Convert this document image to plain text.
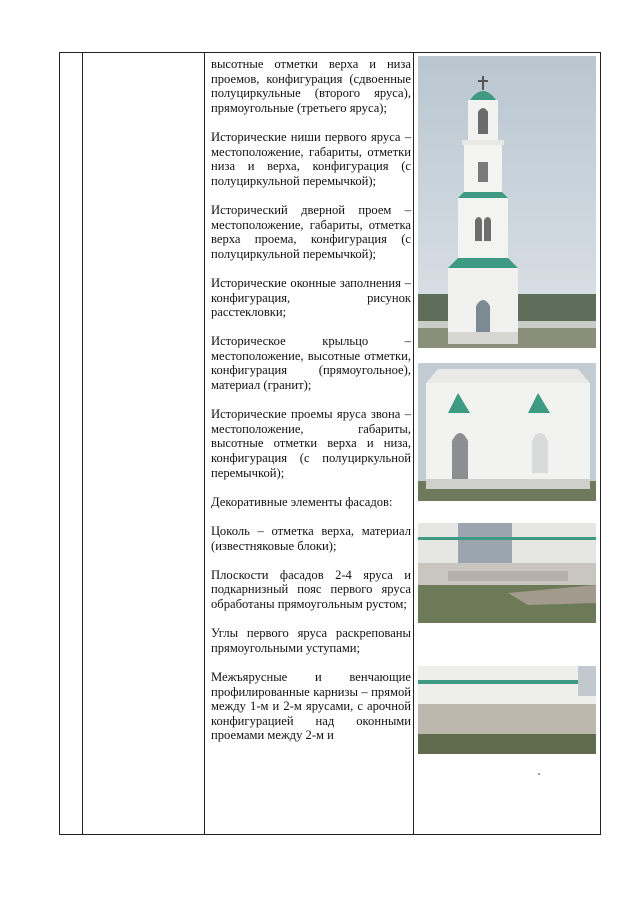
высотные отметки верха и низа проемов, конфигурация (сдвоенные полуциркульные (второго яруса), прямоугольные (третьего яруса);

Исторические ниши первого яруса – местоположение, габариты, отметки низа и верха, конфигурация (с полуциркульной перемычкой);

Исторический дверной проем – местоположение, габариты, отметка верха проема, конфигурация (с полуциркульной перемычкой);

Исторические оконные заполнения – конфигурация, рисунок расстекловки;

Историческое крыльцо – местоположение, высотные отметки, конфигурация (прямоугольное), материал (гранит);

Исторические проемы яруса звона – местоположение, габариты, высотные отметки верха и низа, конфигурация (с полуциркульной перемычкой);

Декоративные элементы фасадов:

Цоколь – отметка верха, материал (известняковые блоки);

Плоскости фасадов 2-4 яруса и подкарнизный пояс первого яруса обработаны прямоугольным рустом;

Углы первого яруса раскрепованы прямоугольными уступами;

Межъярусные и венчающие профилированные карнизы – прямой между 1-м и 2-м ярусами, с арочной конфигурацией над оконными проемами между 2-м и
